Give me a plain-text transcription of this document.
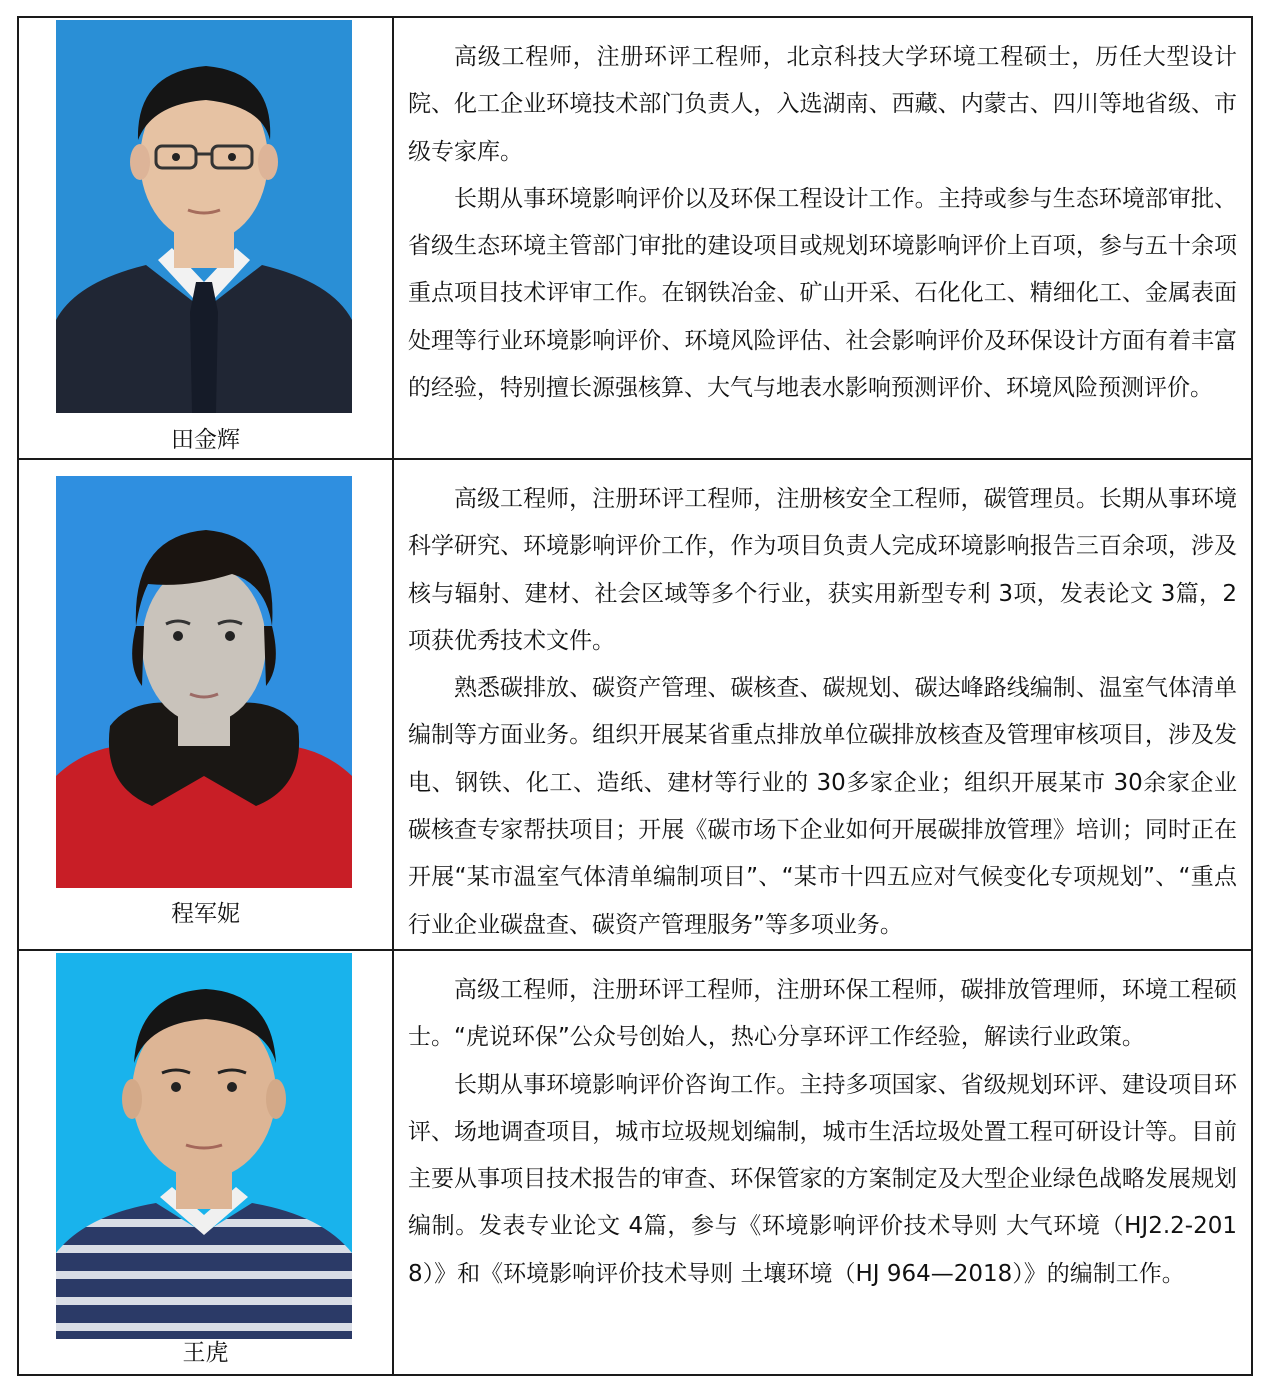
田金辉	高级工程师，注册环评工程师，北京科技大学环境工程硕士，历任大型设计院、化工企业环境技术部门负责人，入选湖南、西藏、内蒙古、四川等地省级、市级专家库。

长期从事环境影响评价以及环保工程设计工作。主持或参与生态环境部审批、省级生态环境主管部门审批的建设项目或规划环境影响评价上百项，参与五十余项重点项目技术评审工作。在钢铁冶金、矿山开采、石化化工、精细化工、金属表面处理等行业环境影响评价、环境风险评估、社会影响评价及环保设计方面有着丰富的经验，特别擅长源强核算、大气与地表水影响预测评价、环境风险预测评价。

程军妮	高级工程师，注册环评工程师，注册核安全工程师，碳管理员。长期从事环境科学研究、环境影响评价工作，作为项目负责人完成环境影响报告三百余项，涉及核与辐射、建材、社会区域等多个行业，获实用新型专利 3项，发表论文 3篇，2项获优秀技术文件。

熟悉碳排放、碳资产管理、碳核查、碳规划、碳达峰路线编制、温室气体清单编制等方面业务。组织开展某省重点排放单位碳排放核查及管理审核项目，涉及发电、钢铁、化工、造纸、建材等行业的 30多家企业；组织开展某市 30余家企业碳核查专家帮扶项目；开展《碳市场下企业如何开展碳排放管理》培训；同时正在开展“某市温室气体清单编制项目”、“某市十四五应对气候变化专项规划”、“重点行业企业碳盘查、碳资产管理服务”等多项业务。

王虎	高级工程师，注册环评工程师，注册环保工程师，碳排放管理师，环境工程硕士。“虎说环保”公众号创始人，热心分享环评工作经验，解读行业政策。

长期从事环境影响评价咨询工作。主持多项国家、省级规划环评、建设项目环评、场地调查项目，城市垃圾规划编制，城市生活垃圾处置工程可研设计等。目前主要从事项目技术报告的审查、环保管家的方案制定及大型企业绿色战略发展规划编制。发表专业论文 4篇，参与《环境影响评价技术导则 大气环境（HJ2.2-2018）》和《环境影响评价技术导则 土壤环境（HJ 964—2018）》的编制工作。
